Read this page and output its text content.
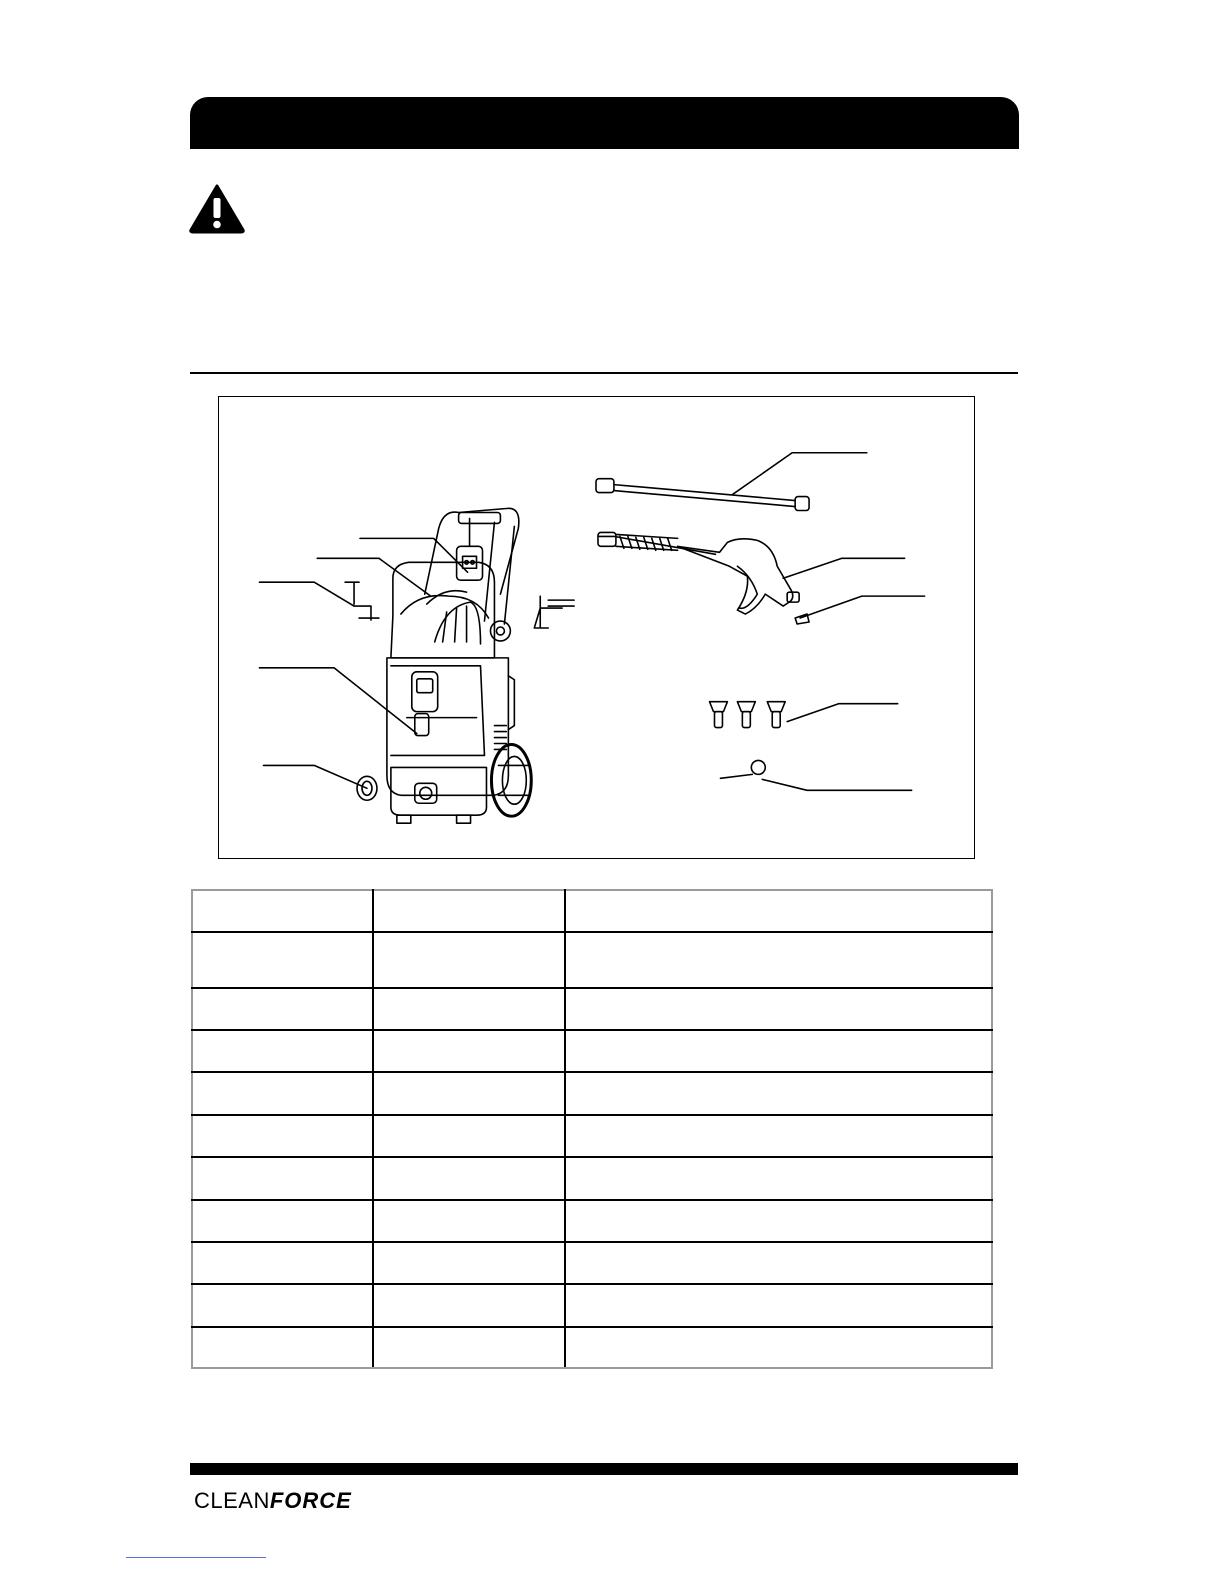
CLEANFORCE
